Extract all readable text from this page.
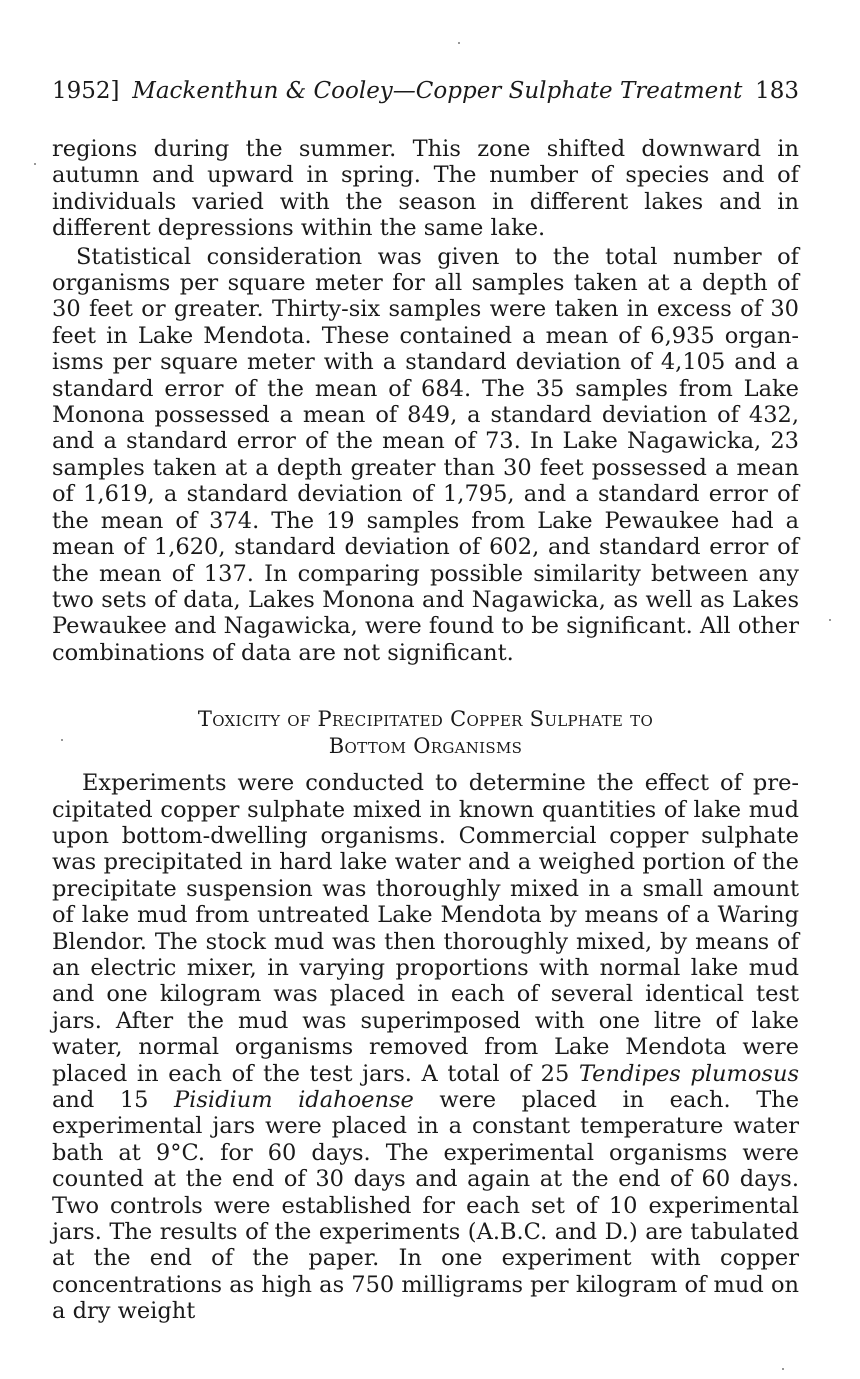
1952] Mackenthun & Cooley—Copper Sulphate Treatment 183

regions during the summer. This zone shifted downward in autumn and upward in spring. The number of species and of individuals varied with the season in different lakes and in different depressions within the same lake.

Statistical consideration was given to the total number of organisms per square meter for all samples taken at a depth of 30 feet or greater. Thirty-six samples were taken in excess of 30 feet in Lake Mendota. These contained a mean of 6,935 organisms per square meter with a standard deviation of 4,105 and a standard error of the mean of 684. The 35 samples from Lake Monona possessed a mean of 849, a standard deviation of 432, and a standard error of the mean of 73. In Lake Nagawicka, 23 samples taken at a depth greater than 30 feet possessed a mean of 1,619, a standard deviation of 1,795, and a standard error of the mean of 374. The 19 samples from Lake Pewaukee had a mean of 1,620, standard deviation of 602, and standard error of the mean of 137. In comparing possible similarity between any two sets of data, Lakes Monona and Nagawicka, as well as Lakes Pewaukee and Nagawicka, were found to be significant. All other combinations of data are not significant.

Toxicity of Precipitated Copper Sulphate to
Bottom Organisms

Experiments were conducted to determine the effect of precipitated copper sulphate mixed in known quantities of lake mud upon bottom-dwelling organisms. Commercial copper sulphate was precipitated in hard lake water and a weighed portion of the precipitate suspension was thoroughly mixed in a small amount of lake mud from untreated Lake Mendota by means of a Waring Blendor. The stock mud was then thoroughly mixed, by means of an electric mixer, in varying proportions with normal lake mud and one kilogram was placed in each of several identical test jars. After the mud was superimposed with one litre of lake water, normal organisms removed from Lake Mendota were placed in each of the test jars. A total of 25 Tendipes plumosus and 15 Pisidium idahoense were placed in each. The experimental jars were placed in a constant temperature water bath at 9°C. for 60 days. The experimental organisms were counted at the end of 30 days and again at the end of 60 days. Two controls were established for each set of 10 experimental jars. The results of the experiments (A.B.C. and D.) are tabulated at the end of the paper. In one experiment with copper concentrations as high as 750 milligrams per kilogram of mud on a dry weight
